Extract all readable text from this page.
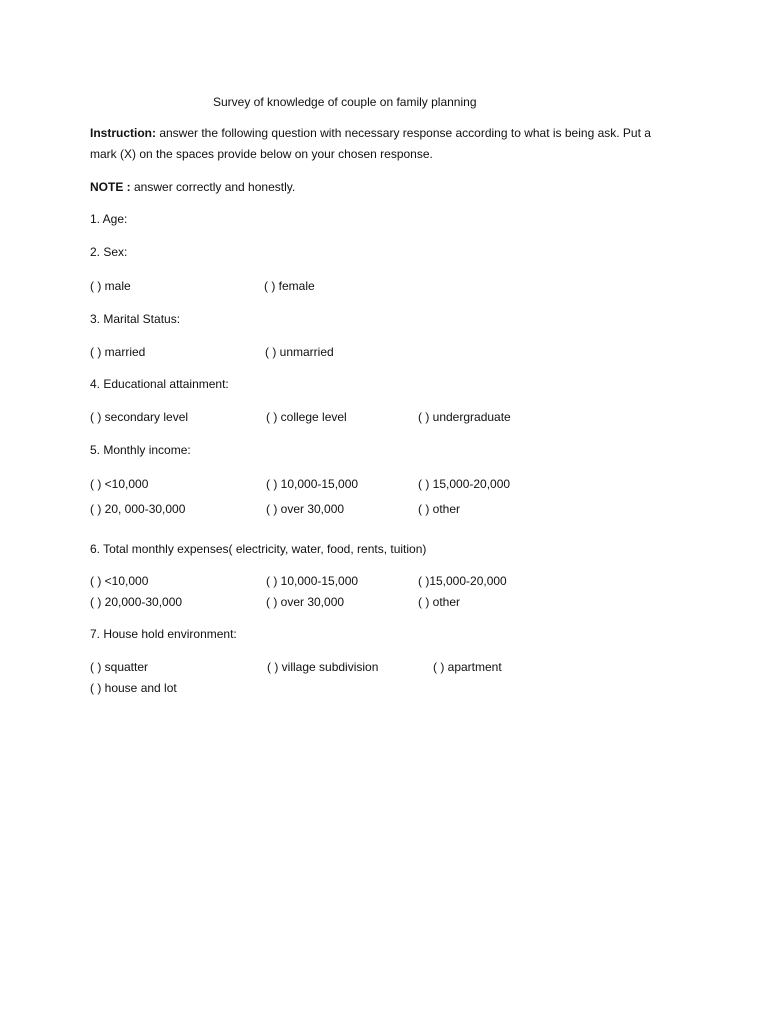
Survey of knowledge of couple on family planning
Instruction: answer the following question with necessary response according to what is being ask. Put a
mark (X) on the spaces provide below on your chosen response.
NOTE : answer correctly and honestly.
1. Age:
2. Sex:
( ) male	( ) female
3. Marital Status:
( ) married	( ) unmarried
4. Educational attainment:
( ) secondary level	( ) college level	( ) undergraduate
5. Monthly income:
( ) <10,000	( ) 10,000-15,000	( ) 15,000-20,000
( ) 20, 000-30,000	( ) over 30,000	( ) other
6. Total monthly expenses( electricity, water, food, rents, tuition)
( ) <10,000	( ) 10,000-15,000	( )15,000-20,000
( ) 20,000-30,000	( ) over 30,000	( ) other
7. House hold environment:
( ) squatter	( ) village subdivision	( ) apartment
( ) house and lot
